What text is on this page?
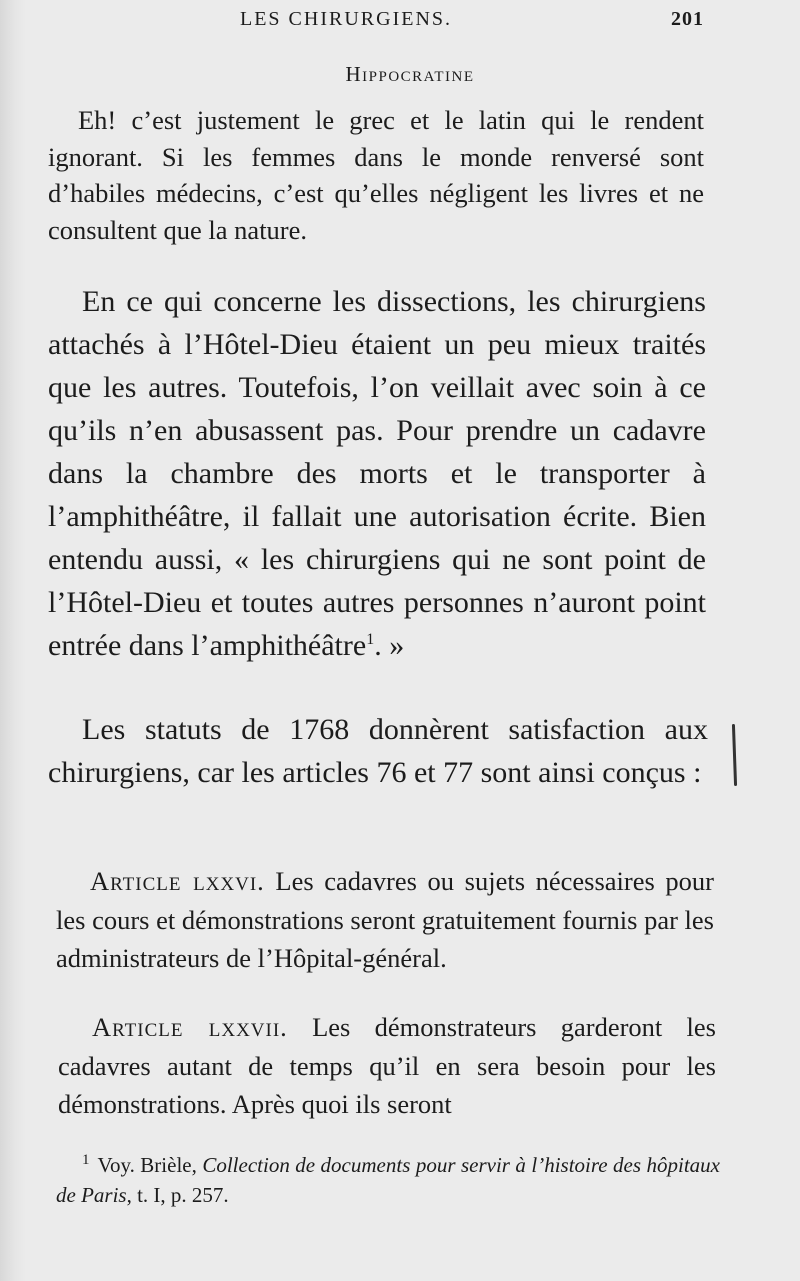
LES CHIRURGIENS.	201
Hippocratine

Eh! c’est justement le grec et le latin qui le rendent ignorant. Si les femmes dans le monde renversé sont d’habiles médecins, c’est qu’elles négligent les livres et ne consultent que la nature.

En ce qui concerne les dissections, les chirurgiens attachés à l’Hôtel-Dieu étaient un peu mieux traités que les autres. Toutefois, l’on veillait avec soin à ce qu’ils n’en abusassent pas. Pour prendre un cadavre dans la chambre des morts et le transporter à l’amphithéâtre, il fallait une autorisation écrite. Bien entendu aussi, « les chirurgiens qui ne sont point de l’Hôtel-Dieu et toutes autres personnes n’auront point entrée dans l’amphithéâtre$^1$. »

Les statuts de 1768 donnèrent satisfaction aux chirurgiens, car les articles 76 et 77 sont ainsi conçus :

Article lxxvi. Les cadavres ou sujets nécessaires pour les cours et démonstrations seront gratuitement fournis par les administrateurs de l’Hôpital-général.

Article lxxvii. Les démonstrateurs garderont les cadavres autant de temps qu’il en sera besoin pour les démonstrations. Après quoi ils seront

$^1$ Voy. Brièle, Collection de documents pour servir à l’histoire des hôpitaux de Paris, t. I, p. 257.
